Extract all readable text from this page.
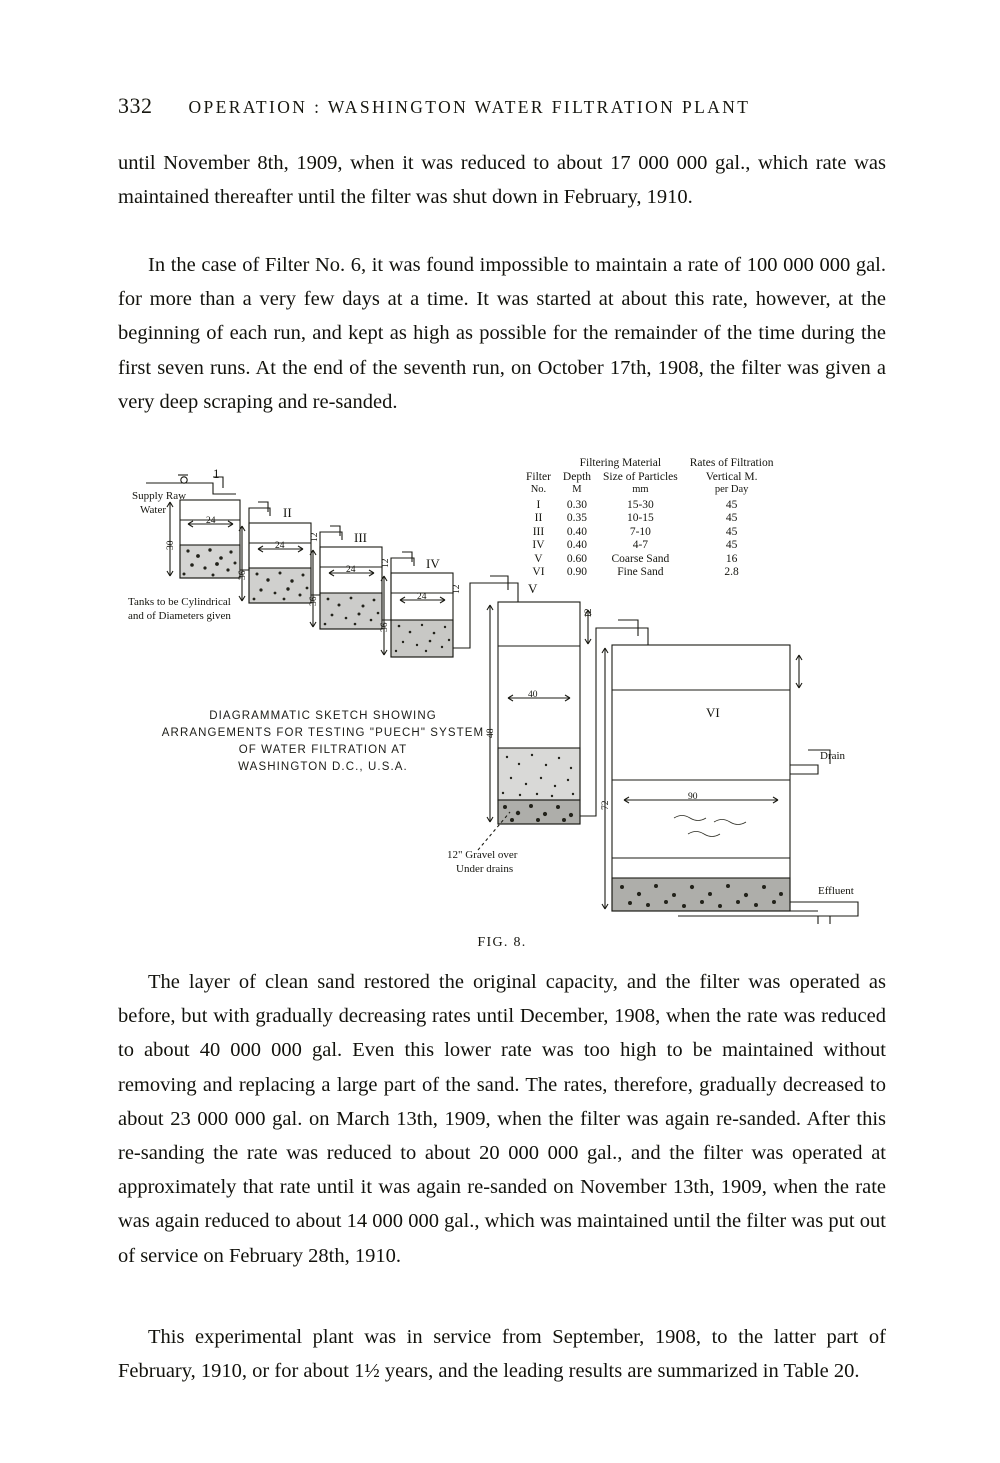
332 OPERATION : WASHINGTON WATER FILTRATION PLANT

until November 8th, 1909, when it was reduced to about 17 000 000 gal., which rate was maintained thereafter until the filter was shut down in February, 1910.

In the case of Filter No. 6, it was found impossible to maintain a rate of 100 000 000 gal. for more than a very few days at a time. It was started at about this rate, however, at the beginning of each run, and kept as high as possible for the remainder of the time during the first seven runs. At the end of the seventh run, on October 17th, 1908, the filter was given a very deep scraping and re-sanded.

	Filtering Material		Rates of Filtration
Filter	Depth	Size of Particles	Vertical M.
No.	M	mm	per Day
I	0.30	15-30	45
II	0.35	10-15	45
III	0.40	7-10	45
IV	0.40	4-7	45
V	0.60	Coarse Sand	16
VI	0.90	Fine Sand	2.8
DIAGRAMMATIC SKETCH SHOWING
ARRANGEMENTS FOR TESTING "PUECH" SYSTEM
OF WATER FILTRATION AT
WASHINGTON D.C., U.S.A.
Supply Raw
Water
Tanks to be Cylindrical
and of Diameters given
1
II
III
IV
V
VI
24
24
24
24
40
90
30
36
36
36
48
72
12
12
12
12
12" Gravel over
Under drains
Drain
Effluent
FIG. 8.

The layer of clean sand restored the original capacity, and the filter was operated as before, but with gradually decreasing rates until December, 1908, when the rate was reduced to about 40 000 000 gal. Even this lower rate was too high to be maintained without removing and replacing a large part of the sand. The rates, therefore, gradually decreased to about 23 000 000 gal. on March 13th, 1909, when the filter was again re-sanded. After this re-sanding the rate was reduced to about 20 000 000 gal., and the filter was operated at approximately that rate until it was again re-sanded on November 13th, 1909, when the rate was again reduced to about 14 000 000 gal., which was maintained until the filter was put out of service on February 28th, 1910.

This experimental plant was in service from September, 1908, to the latter part of February, 1910, or for about 1½ years, and the leading results are summarized in Table 20.
